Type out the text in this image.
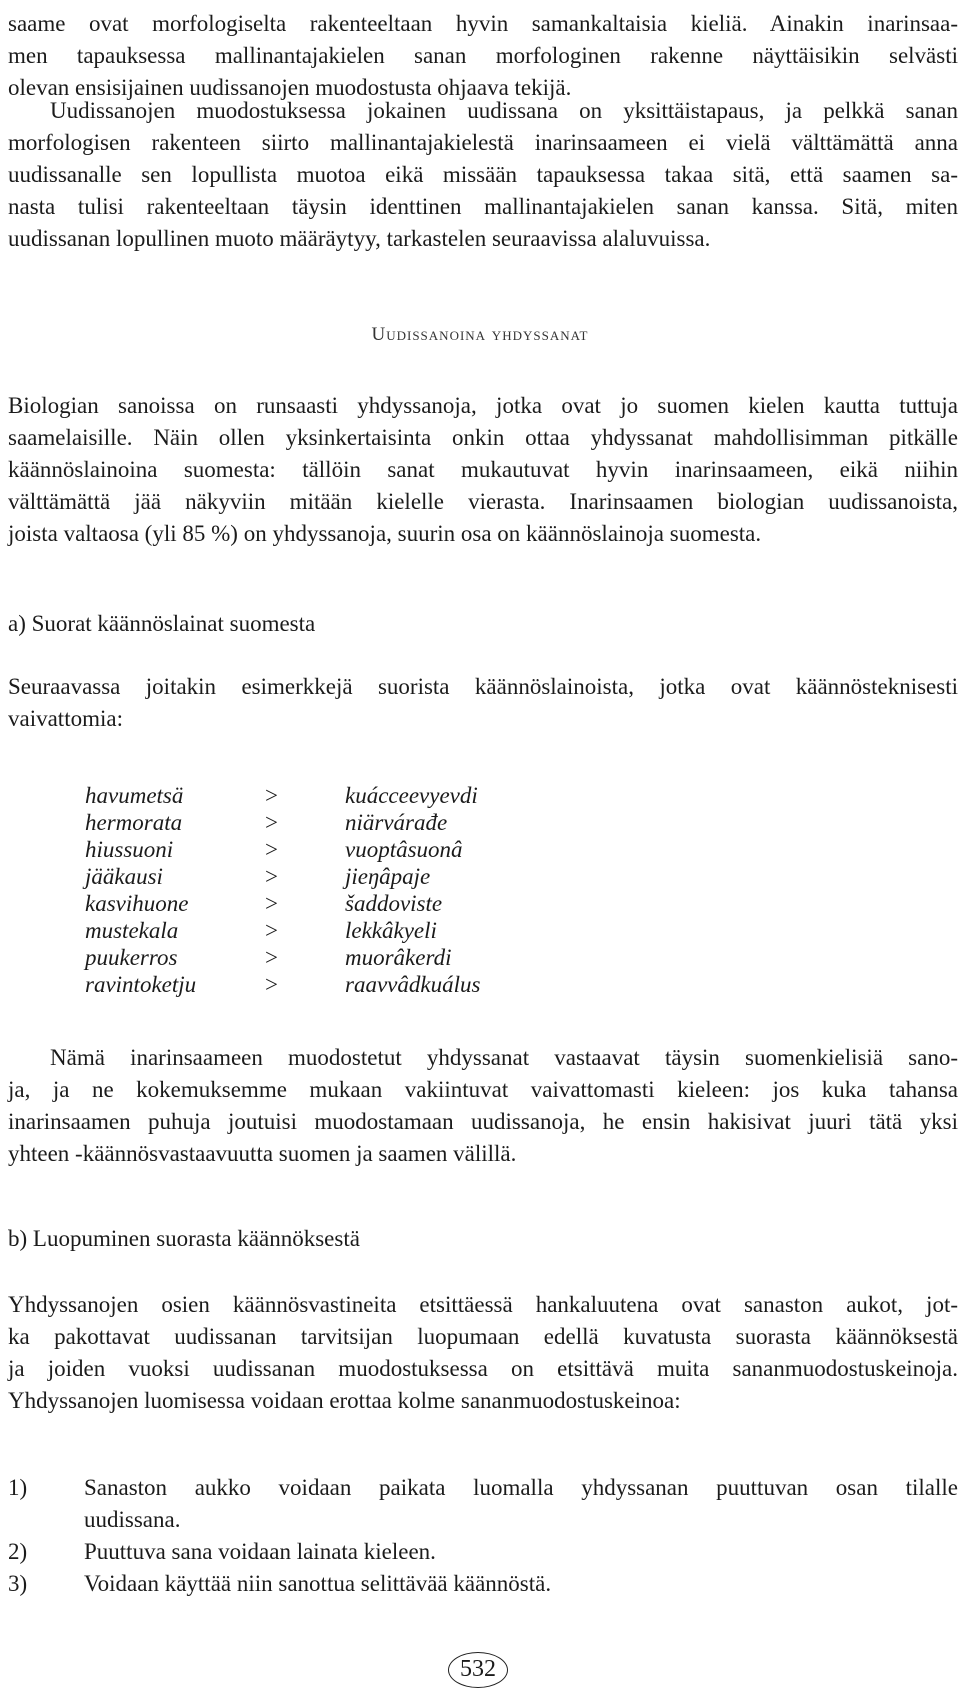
saame ovat morfologiselta rakenteeltaan hyvin samankaltaisia kieliä. Ainakin inarinsaa-
men tapauksessa mallinantajakielen sanan morfologinen rakenne näyttäisikin selvästi
olevan ensisijainen uudissanojen muodostusta ohjaava tekijä.
Uudissanojen muodostuksessa jokainen uudissana on yksittäistapaus, ja pelkkä sanan
morfologisen rakenteen siirto mallinantajakielestä inarinsaameen ei vielä välttämättä anna
uudissanalle sen lopullista muotoa eikä missään tapauksessa takaa sitä, että saamen sa-
nasta tulisi rakenteeltaan täysin identtinen mallinantajakielen sanan kanssa. Sitä, miten
uudissanan lopullinen muoto määräytyy, tarkastelen seuraavissa alaluvuissa.
Uudissanoina yhdyssanat
Biologian sanoissa on runsaasti yhdyssanoja, jotka ovat jo suomen kielen kautta tuttuja
saamelaisille. Näin ollen yksinkertaisinta onkin ottaa yhdyssanat mahdollisimman pitkälle
käännöslainoina suomesta: tällöin sanat mukautuvat hyvin inarinsaameen, eikä niihin
välttämättä jää näkyviin mitään kielelle vierasta. Inarinsaamen biologian uudissanoista,
joista valtaosa (yli 85 %) on yhdyssanoja, suurin osa on käännöslainoja suomesta.
a) Suorat käännöslainat suomesta
Seuraavassa joitakin esimerkkejä suorista käännöslainoista, jotka ovat käännösteknisesti
vaivattomia:
havumetsä	>	kuácceevyevdi
hermorata	>	niärvárađe
hiussuoni	>	vuoptâsuonâ
jääkausi	>	jieŋâpaje
kasvihuone	>	šaddoviste
mustekala	>	lekkâkyeli
puukerros	>	muorâkerdi
ravintoketju	>	raavvâdkuálus
Nämä inarinsaameen muodostetut yhdyssanat vastaavat täysin suomenkielisiä sano-
ja, ja ne kokemuksemme mukaan vakiintuvat vaivattomasti kieleen: jos kuka tahansa
inarinsaamen puhuja joutuisi muodostamaan uudissanoja, he ensin hakisivat juuri tätä yksi
yhteen -käännösvastaavuutta suomen ja saamen välillä.
b) Luopuminen suorasta käännöksestä
Yhdyssanojen osien käännösvastineita etsittäessä hankaluutena ovat sanaston aukot, jot-
ka pakottavat uudissanan tarvitsijan luopumaan edellä kuvatusta suorasta käännöksestä
ja joiden vuoksi uudissanan muodostuksessa on etsittävä muita sananmuodostuskeinoja.
Yhdyssanojen luomisessa voidaan erottaa kolme sananmuodostuskeinoa:
1) Sanaston aukko voidaan paikata luomalla yhdyssanan puuttuvan osan tilalle
uudissana.
2) Puuttuva sana voidaan lainata kieleen.
3) Voidaan käyttää niin sanottua selittävää käännöstä.
532
